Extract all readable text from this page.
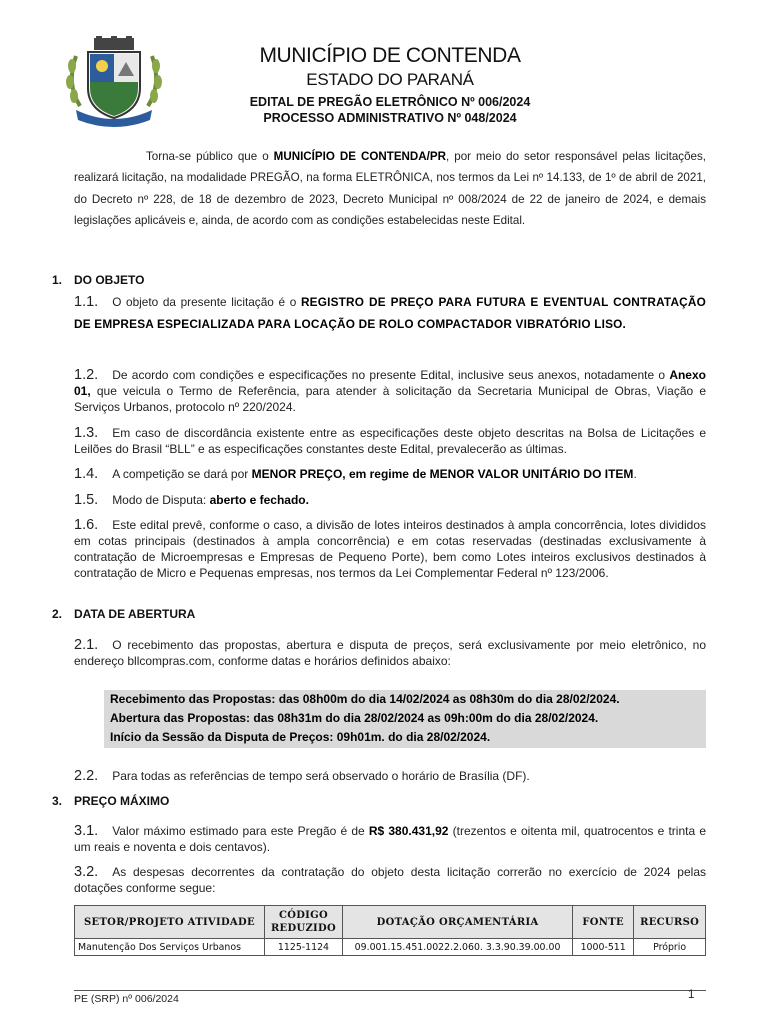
MUNICÍPIO DE CONTENDA
ESTADO DO PARANÁ
EDITAL DE PREGÃO ELETRÔNICO Nº 006/2024
PROCESSO ADMINISTRATIVO Nº 048/2024
Torna-se público que o MUNICÍPIO DE CONTENDA/PR, por meio do setor responsável pelas licitações, realizará licitação, na modalidade PREGÃO, na forma ELETRÔNICA, nos termos da Lei nº 14.133, de 1º de abril de 2021, do Decreto nº 228, de 18 de dezembro de 2023, Decreto Municipal nº 008/2024 de 22 de janeiro de 2024, e demais legislações aplicáveis e, ainda, de acordo com as condições estabelecidas neste Edital.
1. DO OBJETO
1.1. O objeto da presente licitação é o REGISTRO DE PREÇO PARA FUTURA E EVENTUAL CONTRATAÇÃO DE EMPRESA ESPECIALIZADA PARA LOCAÇÃO DE ROLO COMPACTADOR VIBRATÓRIO LISO.
1.2. De acordo com condições e especificações no presente Edital, inclusive seus anexos, notadamente o Anexo 01, que veicula o Termo de Referência, para atender à solicitação da Secretaria Municipal de Obras, Viação e Serviços Urbanos, protocolo nº 220/2024.
1.3. Em caso de discordância existente entre as especificações deste objeto descritas na Bolsa de Licitações e Leilões do Brasil “BLL” e as especificações constantes deste Edital, prevalecerão as últimas.
1.4. A competição se dará por MENOR PREÇO, em regime de MENOR VALOR UNITÁRIO DO ITEM.
1.5. Modo de Disputa: aberto e fechado.
1.6. Este edital prevê, conforme o caso, a divisão de lotes inteiros destinados à ampla concorrência, lotes divididos em cotas principais (destinados à ampla concorrência) e em cotas reservadas (destinadas exclusivamente à contratação de Microempresas e Empresas de Pequeno Porte), bem como Lotes inteiros exclusivos destinados à contratação de Micro e Pequenas empresas, nos termos da Lei Complementar Federal nº 123/2006.
2. DATA DE ABERTURA
2.1. O recebimento das propostas, abertura e disputa de preços, será exclusivamente por meio eletrônico, no endereço bllcompras.com, conforme datas e horários definidos abaixo:
Recebimento das Propostas: das 08h00m do dia 14/02/2024 as 08h30m do dia 28/02/2024.
Abertura das Propostas: das 08h31m do dia 28/02/2024 as 09h:00m do dia 28/02/2024.
Início da Sessão da Disputa de Preços: 09h01m. do dia 28/02/2024.
2.2. Para todas as referências de tempo será observado o horário de Brasília (DF).
3. PREÇO MÁXIMO
3.1. Valor máximo estimado para este Pregão é de R$ 380.431,92 (trezentos e oitenta mil, quatrocentos e trinta e um reais e noventa e dois centavos).
3.2. As despesas decorrentes da contratação do objeto desta licitação correrão no exercício de 2024 pelas dotações conforme segue:
SETOR/PROJETO ATIVIDADE	CÓDIGO REDUZIDO	DOTAÇÃO ORÇAMENTÁRIA	FONTE	RECURSO
Manutenção Dos Serviços Urbanos	1125-1124	09.001.15.451.0022.2.060. 3.3.90.39.00.00	1000-511	Próprio
PE (SRP) nº 006/2024	1
